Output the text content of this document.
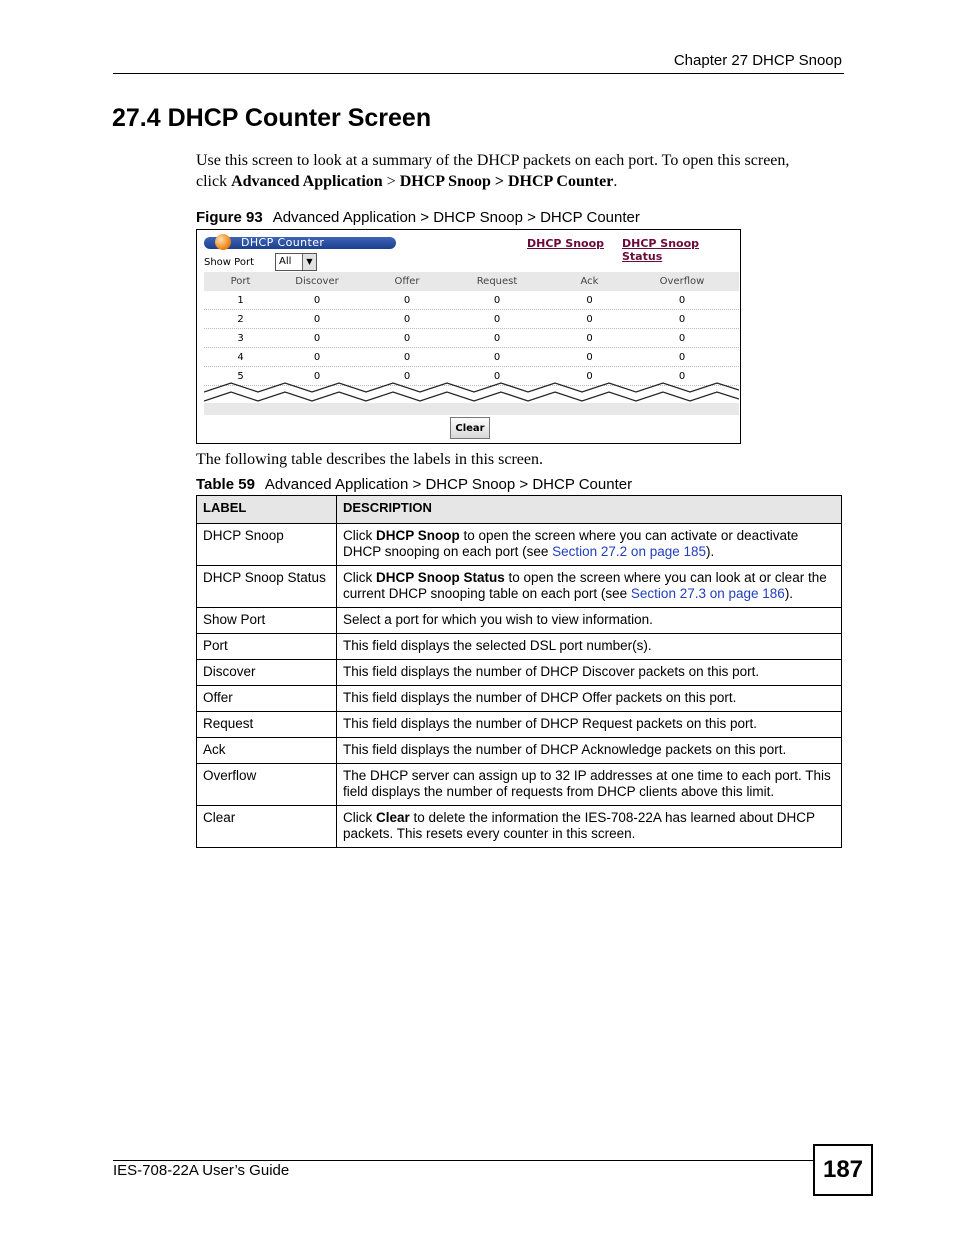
Chapter 27 DHCP Snoop
27.4 DHCP Counter Screen
Use this screen to look at a summary of the DHCP packets on each port. To open this screen,
click Advanced Application > DHCP Snoop > DHCP Counter.
Figure 93 Advanced Application > DHCP Snoop > DHCP Counter
DHCP Counter	DHCP Snoop DHCP Snoop Status
Show Port	All	▼
Port	Discover	Offer	Request	Ack	Overflow
1	0	0	0	0	0
2	0	0	0	0	0
3	0	0	0	0	0
4	0	0	0	0	0
5	0	0	0	0	0
Clear
The following table describes the labels in this screen.
Table 59 Advanced Application > DHCP Snoop > DHCP Counter
LABEL	DESCRIPTION
DHCP Snoop	Click DHCP Snoop to open the screen where you can activate or deactivate DHCP snooping on each port (see Section 27.2 on page 185).
DHCP Snoop Status	Click DHCP Snoop Status to open the screen where you can look at or clear the current DHCP snooping table on each port (see Section 27.3 on page 186).
Show Port	Select a port for which you wish to view information.
Port	This field displays the selected DSL port number(s).
Discover	This field displays the number of DHCP Discover packets on this port.
Offer	This field displays the number of DHCP Offer packets on this port.
Request	This field displays the number of DHCP Request packets on this port.
Ack	This field displays the number of DHCP Acknowledge packets on this port.
Overflow	The DHCP server can assign up to 32 IP addresses at one time to each port. This field displays the number of requests from DHCP clients above this limit.
Clear	Click Clear to delete the information the IES-708-22A has learned about DHCP packets. This resets every counter in this screen.
IES-708-22A User’s Guide	187
